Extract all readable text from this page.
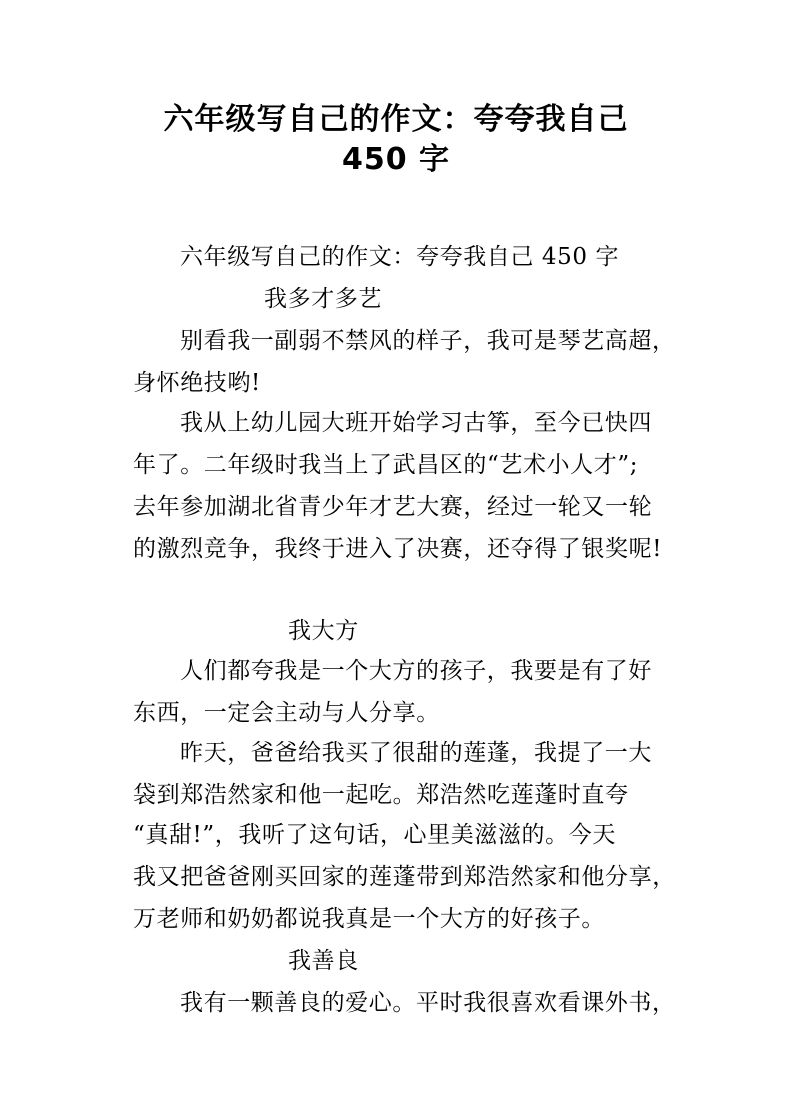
六年级写自己的作文：夸夸我自己
450 字
六年级写自己的作文：夸夸我自己 450 字
我多才多艺
别看我一副弱不禁风的样子，我可是琴艺高超，
身怀绝技哟!
我从上幼儿园大班开始学习古筝，至今已快四
年了。二年级时我当上了武昌区的“艺术小人才”;
去年参加湖北省青少年才艺大赛，经过一轮又一轮
的激烈竞争，我终于进入了决赛，还夺得了银奖呢!
我大方
人们都夸我是一个大方的孩子，我要是有了好
东西，一定会主动与人分享。
昨天，爸爸给我买了很甜的莲蓬，我提了一大
袋到郑浩然家和他一起吃。郑浩然吃莲蓬时直夸
“真甜!”，我听了这句话，心里美滋滋的。今天
我又把爸爸刚买回家的莲蓬带到郑浩然家和他分享，
万老师和奶奶都说我真是一个大方的好孩子。
我善良
我有一颗善良的爱心。平时我很喜欢看课外书，
